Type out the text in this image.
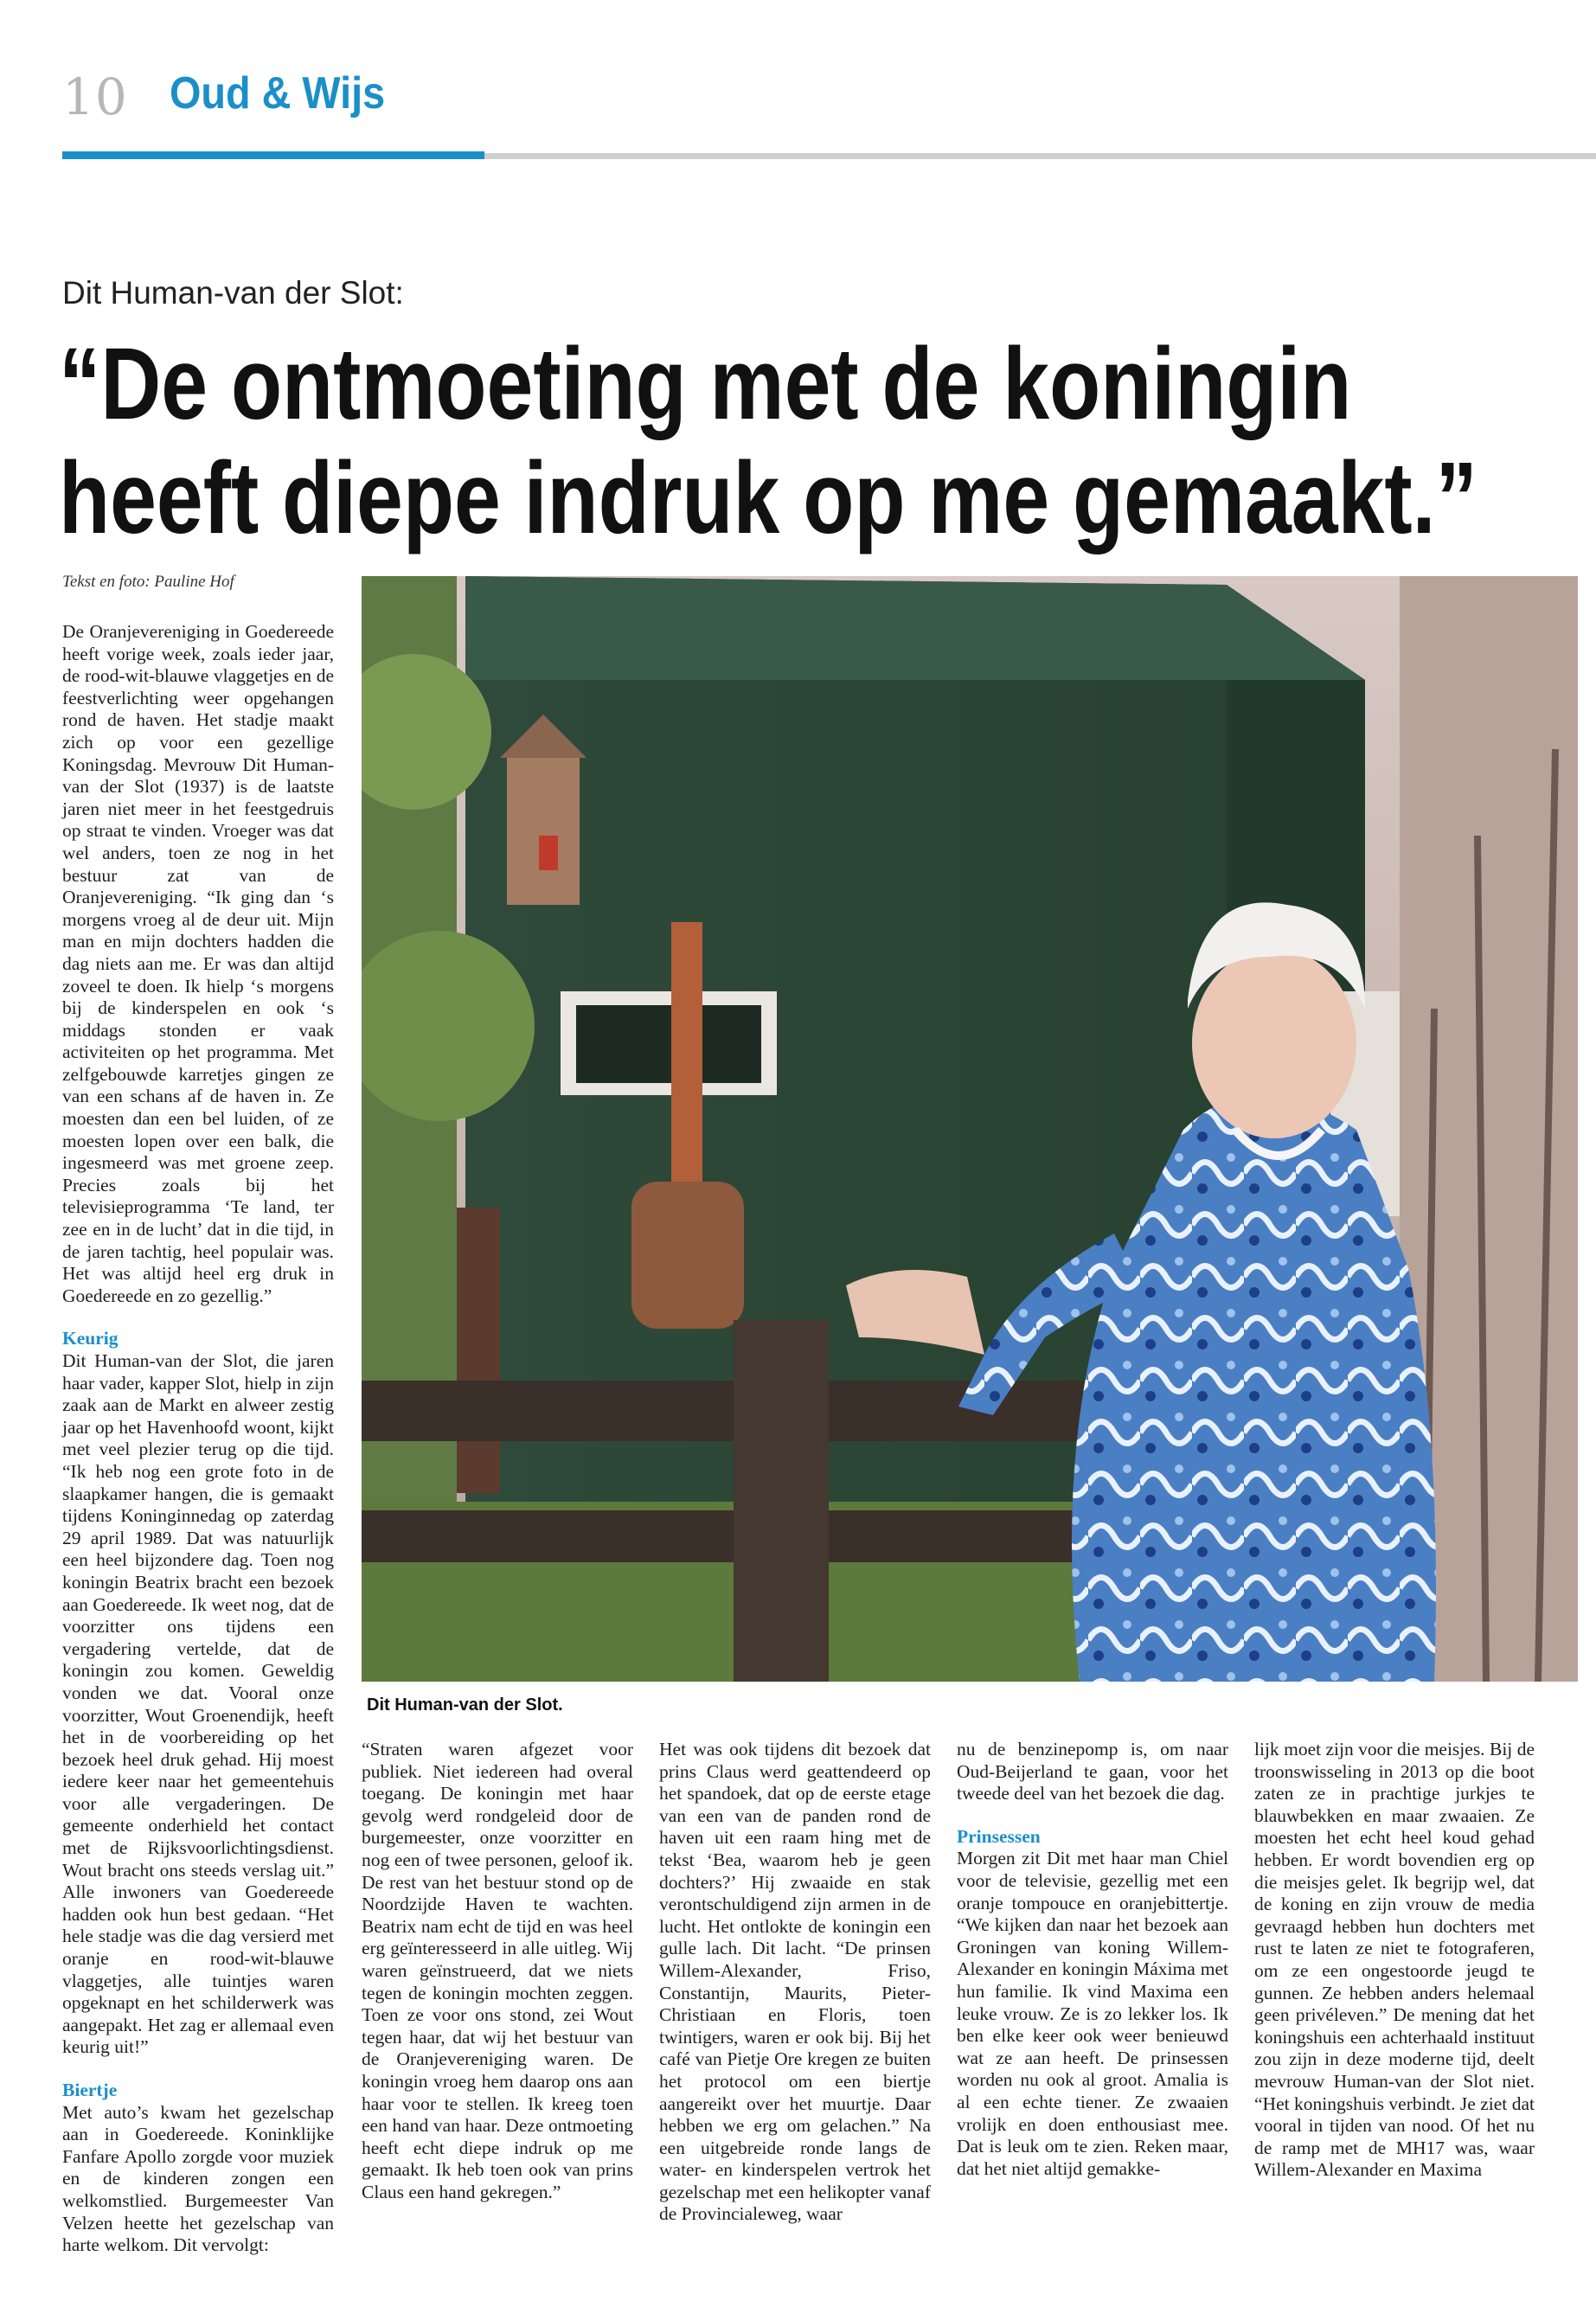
10 Oud & Wijs
Dit Human-van der Slot:
“De ontmoeting met de koningin
heeft diepe indruk op me gemaakt.”
Tekst en foto: Pauline Hof

De Oranjevereniging in Goedereede heeft vorige week, zoals ieder jaar, de rood-wit-blauwe vlaggetjes en de feestverlichting weer opgehangen rond de haven. Het stadje maakt zich op voor een gezellige Koningsdag. Mevrouw Dit Human-van der Slot (1937) is de laatste jaren niet meer in het feestgedruis op straat te vinden. Vroeger was dat wel anders, toen ze nog in het bestuur zat van de Oranjevereniging. “Ik ging dan ‘s morgens vroeg al de deur uit. Mijn man en mijn dochters hadden die dag niets aan me. Er was dan altijd zoveel te doen. Ik hielp ‘s morgens bij de kinderspelen en ook ‘s middags stonden er vaak activiteiten op het programma. Met zelfgebouwde karretjes gingen ze van een schans af de haven in. Ze moesten dan een bel luiden, of ze moesten lopen over een balk, die ingesmeerd was met groene zeep. Precies zoals bij het televisieprogramma ‘Te land, ter zee en in de lucht’ dat in die tijd, in de jaren tachtig, heel populair was. Het was altijd heel erg druk in Goedereede en zo gezellig.”

Keurig

Dit Human-van der Slot, die jaren haar vader, kapper Slot, hielp in zijn zaak aan de Markt en alweer zestig jaar op het Havenhoofd woont, kijkt met veel plezier terug op die tijd. “Ik heb nog een grote foto in de slaapkamer hangen, die is gemaakt tijdens Koninginnedag op zaterdag 29 april 1989. Dat was natuurlijk een heel bijzondere dag. Toen nog koningin Beatrix bracht een bezoek aan Goedereede. Ik weet nog, dat de voorzitter ons tijdens een vergadering vertelde, dat de koningin zou komen. Geweldig vonden we dat. Vooral onze voorzitter, Wout Groenendijk, heeft het in de voorbereiding op het bezoek heel druk gehad. Hij moest iedere keer naar het gemeentehuis voor alle vergaderingen. De gemeente onderhield het contact met de Rijksvoorlichtingsdienst. Wout bracht ons steeds verslag uit.” Alle inwoners van Goedereede hadden ook hun best gedaan. “Het hele stadje was die dag versierd met oranje en rood-wit-blauwe vlaggetjes, alle tuintjes waren opgeknapt en het schilderwerk was aangepakt. Het zag er allemaal even keurig uit!”

Biertje

Met auto’s kwam het gezelschap aan in Goedereede. Koninklijke Fanfare Apollo zorgde voor muziek en de kinderen zongen een welkomstlied. Burgemeester Van Velzen heette het gezelschap van harte welkom. Dit vervolgt:

Dit Human-van der Slot.

“Straten waren afgezet voor publiek. Niet iedereen had overal toegang. De koningin met haar gevolg werd rondgeleid door de burgemeester, onze voorzitter en nog een of twee personen, geloof ik. De rest van het bestuur stond op de Noordzijde Haven te wachten. Beatrix nam echt de tijd en was heel erg geïnteresseerd in alle uitleg. Wij waren geïnstrueerd, dat we niets tegen de koningin mochten zeggen. Toen ze voor ons stond, zei Wout tegen haar, dat wij het bestuur van de Oranjevereniging waren. De koningin vroeg hem daarop ons aan haar voor te stellen. Ik kreeg toen een hand van haar. Deze ontmoeting heeft echt diepe indruk op me gemaakt. Ik heb toen ook van prins Claus een hand gekregen.”

Het was ook tijdens dit bezoek dat prins Claus werd geattendeerd op het spandoek, dat op de eerste etage van een van de panden rond de haven uit een raam hing met de tekst ‘Bea, waarom heb je geen dochters?’ Hij zwaaide en stak verontschuldigend zijn armen in de lucht. Het ontlokte de koningin een gulle lach. Dit lacht. “De prinsen Willem-Alexander, Friso, Constantijn, Maurits, Pieter-Christiaan en Floris, toen twintigers, waren er ook bij. Bij het café van Pietje Ore kregen ze buiten het protocol om een biertje aangereikt over het muurtje. Daar hebben we erg om gelachen.” Na een uitgebreide ronde langs de water- en kinderspelen vertrok het gezelschap met een helikopter vanaf de Provincialeweg, waar

nu de benzinepomp is, om naar Oud-Beijerland te gaan, voor het tweede deel van het bezoek die dag.

Prinsessen

Morgen zit Dit met haar man Chiel voor de televisie, gezellig met een oranje tompouce en oranjebittertje. “We kijken dan naar het bezoek aan Groningen van koning Willem-Alexander en koningin Máxima met hun familie. Ik vind Maxima een leuke vrouw. Ze is zo lekker los. Ik ben elke keer ook weer benieuwd wat ze aan heeft. De prinsessen worden nu ook al groot. Amalia is al een echte tiener. Ze zwaaien vrolijk en doen enthousiast mee. Dat is leuk om te zien. Reken maar, dat het niet altijd gemakke-

lijk moet zijn voor die meisjes. Bij de troonswisseling in 2013 op die boot zaten ze in prachtige jurkjes te blauwbekken en maar zwaaien. Ze moesten het echt heel koud gehad hebben. Er wordt bovendien erg op die meisjes gelet. Ik begrijp wel, dat de koning en zijn vrouw de media gevraagd hebben hun dochters met rust te laten ze niet te fotograferen, om ze een ongestoorde jeugd te gunnen. Ze hebben anders helemaal geen privéleven.” De mening dat het koningshuis een achterhaald instituut zou zijn in deze moderne tijd, deelt mevrouw Human-van der Slot niet. “Het koningshuis verbindt. Je ziet dat vooral in tijden van nood. Of het nu de ramp met de MH17 was, waar Willem-Alexander en Maxima
